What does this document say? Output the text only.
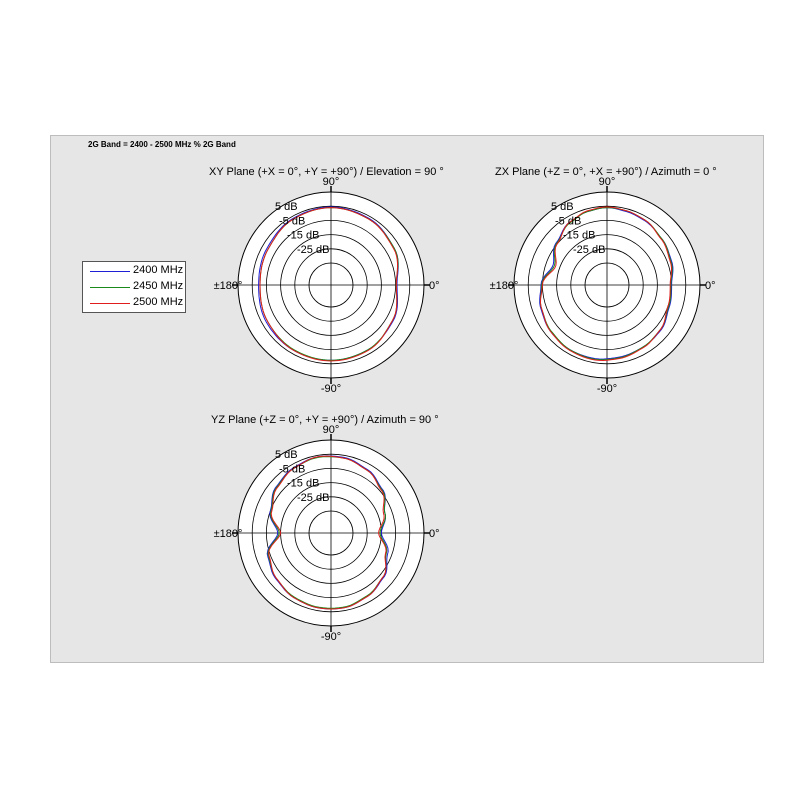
2G Band = 2400 - 2500 MHz % 2G Band
XY Plane (+X = 0°, +Y = +90°) / Elevation = 90 °	ZX Plane (+Z = 0°, +X = +90°) / Azimuth = 0 °
YZ Plane (+Z = 0°, +Y = +90°) / Azimuth = 90 °
5 dB
-5 dB
-15 dB
-25 dB
90°
±180°	0°
-90°
5 dB
-5 dB
-15 dB
-25 dB
90°
±180°	0°
-90°
5 dB
-5 dB
-15 dB
-25 dB
90°
±180°	0°
-90°
2400 MHz
2450 MHz
2500 MHz
